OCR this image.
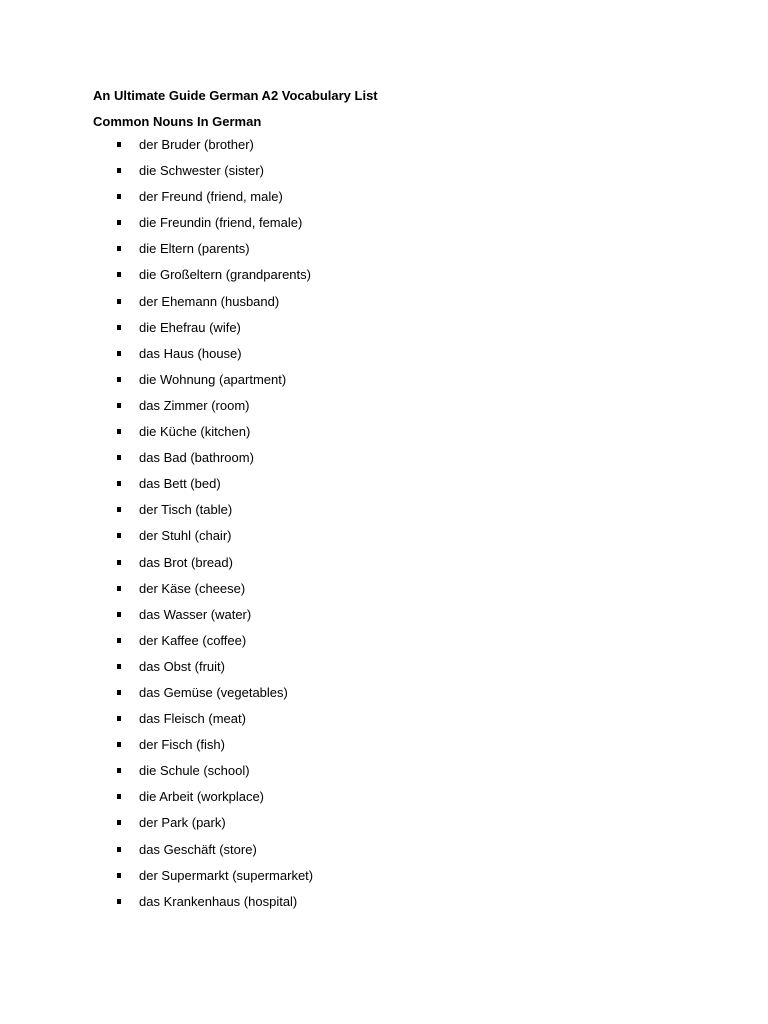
An Ultimate Guide German A2 Vocabulary List
Common Nouns In German
der Bruder (brother)
die Schwester (sister)
der Freund (friend, male)
die Freundin (friend, female)
die Eltern (parents)
die Großeltern (grandparents)
der Ehemann (husband)
die Ehefrau (wife)
das Haus (house)
die Wohnung (apartment)
das Zimmer (room)
die Küche (kitchen)
das Bad (bathroom)
das Bett (bed)
der Tisch (table)
der Stuhl (chair)
das Brot (bread)
der Käse (cheese)
das Wasser (water)
der Kaffee (coffee)
das Obst (fruit)
das Gemüse (vegetables)
das Fleisch (meat)
der Fisch (fish)
die Schule (school)
die Arbeit (workplace)
der Park (park)
das Geschäft (store)
der Supermarkt (supermarket)
das Krankenhaus (hospital)
